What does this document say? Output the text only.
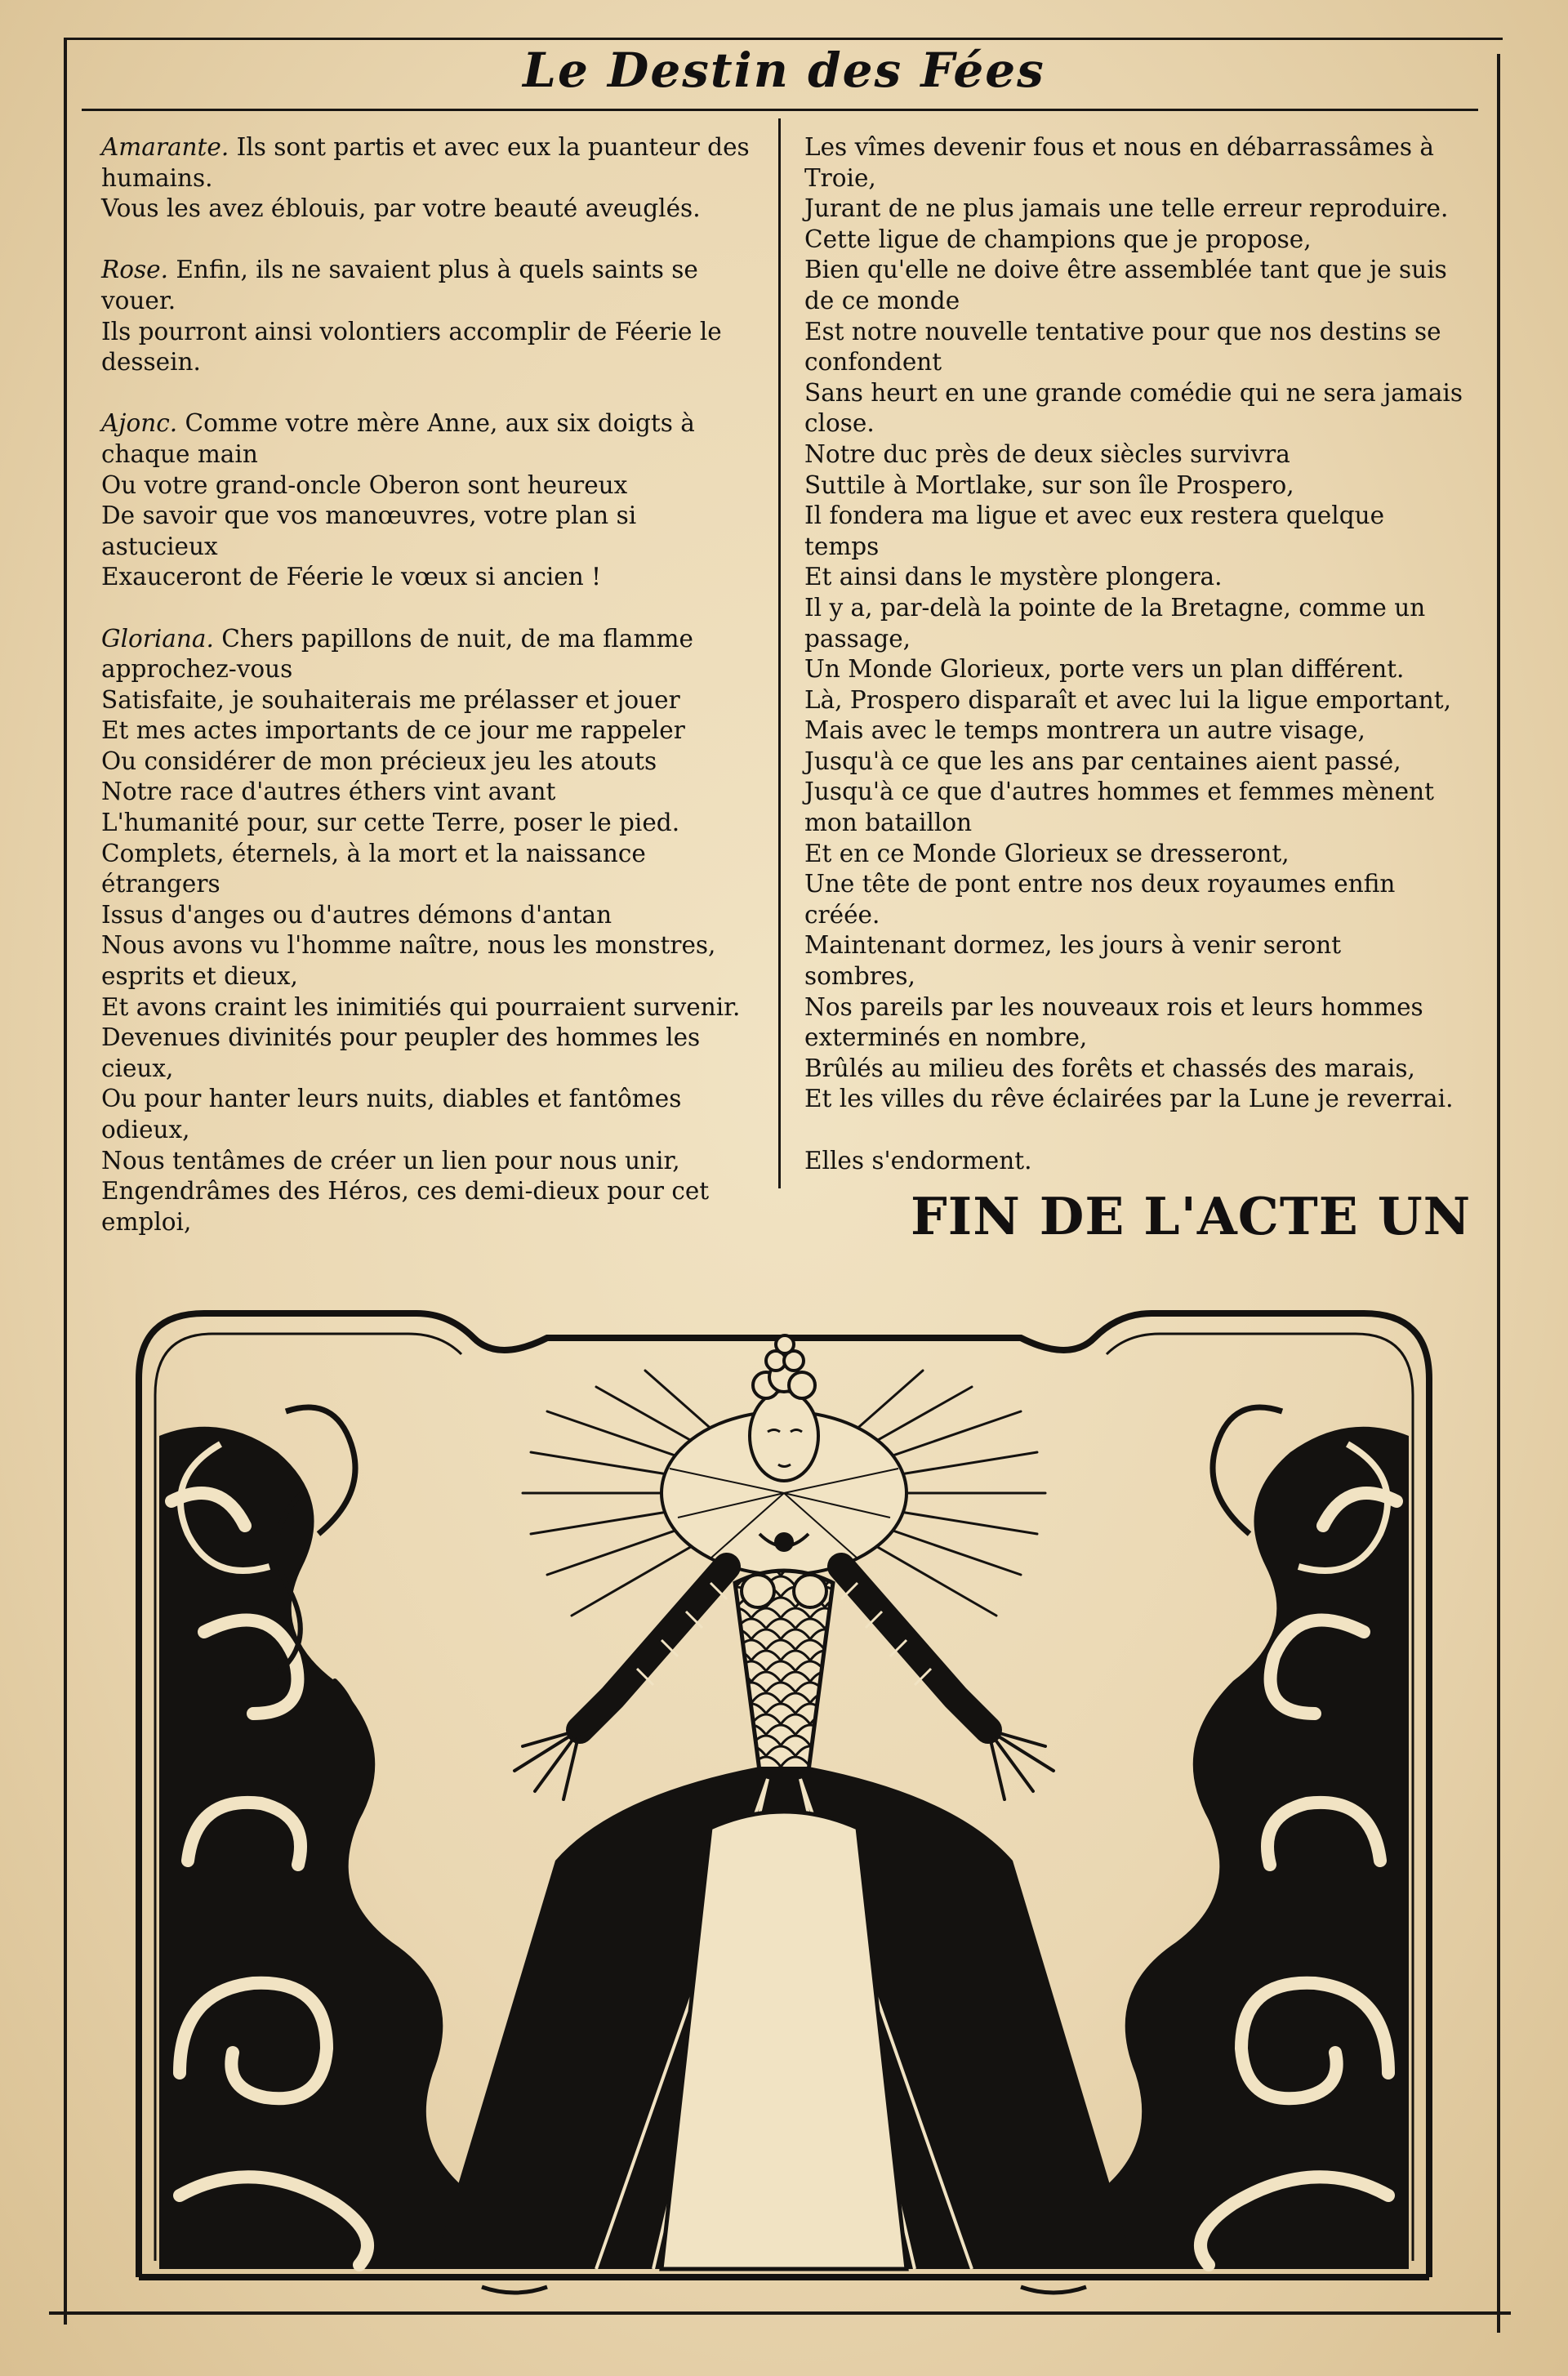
Le Destin des Fées

Amarante. Ils sont partis et avec eux la puanteur des
humains.
Vous les avez éblouis, par votre beauté aveuglés.

Rose. Enfin, ils ne savaient plus à quels saints se
vouer.
Ils pourront ainsi volontiers accomplir de Féerie le
dessein.

Ajonc. Comme votre mère Anne, aux six doigts à
chaque main
Ou votre grand-oncle Oberon sont heureux
De savoir que vos manœuvres, votre plan si
astucieux
Exauceront de Féerie le vœux si ancien !

Gloriana. Chers papillons de nuit, de ma flamme
approchez-vous
Satisfaite, je souhaiterais me prélasser et jouer
Et mes actes importants de ce jour me rappeler
Ou considérer de mon précieux jeu les atouts
Notre race d'autres éthers vint avant
L'humanité pour, sur cette Terre, poser le pied.
Complets, éternels, à la mort et la naissance
étrangers
Issus d'anges ou d'autres démons d'antan
Nous avons vu l'homme naître, nous les monstres,
esprits et dieux,
Et avons craint les inimitiés qui pourraient survenir.
Devenues divinités pour peupler des hommes les
cieux,
Ou pour hanter leurs nuits, diables et fantômes
odieux,
Nous tentâmes de créer un lien pour nous unir,
Engendrâmes des Héros, ces demi-dieux pour cet
emploi,

Les vîmes devenir fous et nous en débarrassâmes à
Troie,
Jurant de ne plus jamais une telle erreur reproduire.
Cette ligue de champions que je propose,
Bien qu'elle ne doive être assemblée tant que je suis
de ce monde
Est notre nouvelle tentative pour que nos destins se
confondent
Sans heurt en une grande comédie qui ne sera jamais
close.
Notre duc près de deux siècles survivra
Suttile à Mortlake, sur son île Prospero,
Il fondera ma ligue et avec eux restera quelque
temps
Et ainsi dans le mystère plongera.
Il y a, par-delà la pointe de la Bretagne, comme un
passage,
Un Monde Glorieux, porte vers un plan différent.
Là, Prospero disparaît et avec lui la ligue emportant,
Mais avec le temps montrera un autre visage,
Jusqu'à ce que les ans par centaines aient passé,
Jusqu'à ce que d'autres hommes et femmes mènent
mon bataillon
Et en ce Monde Glorieux se dresseront,
Une tête de pont entre nos deux royaumes enfin
créée.
Maintenant dormez, les jours à venir seront
sombres,
Nos pareils par les nouveaux rois et leurs hommes
exterminés en nombre,
Brûlés au milieu des forêts et chassés des marais,
Et les villes du rêve éclairées par la Lune je reverrai.

Elles s'endorment.

FIN DE L'ACTE UN
